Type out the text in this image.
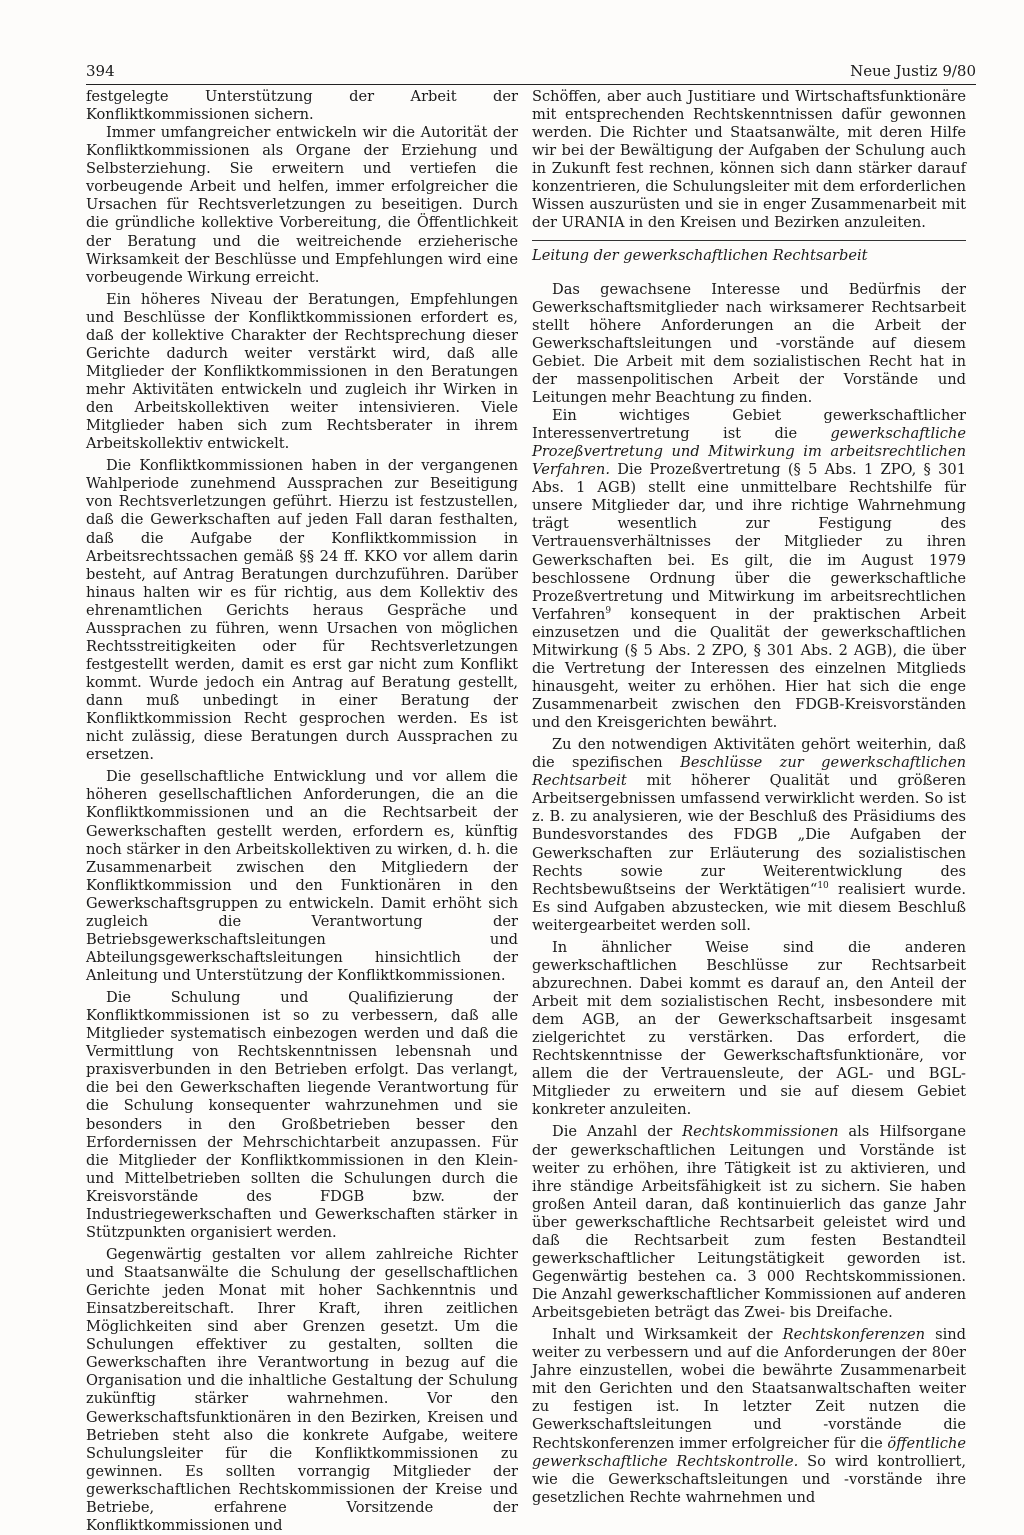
394	Neue Justiz 9/80

festgelegte Unterstützung der Arbeit der Konfliktkommissionen sichern.

Immer umfangreicher entwickeln wir die Autorität der Konfliktkommissionen als Organe der Erziehung und Selbsterziehung. Sie erweitern und vertiefen die vorbeugende Arbeit und helfen, immer erfolgreicher die Ursachen für Rechtsverletzungen zu beseitigen. Durch die gründliche kollektive Vorbereitung, die Öffentlichkeit der Beratung und die weitreichende erzieherische Wirksamkeit der Beschlüsse und Empfehlungen wird eine vorbeugende Wirkung erreicht.

Ein höheres Niveau der Beratungen, Empfehlungen und Beschlüsse der Konfliktkommissionen erfordert es, daß der kollektive Charakter der Rechtsprechung dieser Gerichte dadurch weiter verstärkt wird, daß alle Mitglieder der Konfliktkommissionen in den Beratungen mehr Aktivitäten entwickeln und zugleich ihr Wirken in den Arbeitskollektiven weiter intensivieren. Viele Mitglieder haben sich zum Rechtsberater in ihrem Arbeitskollektiv entwickelt.

Die Konfliktkommissionen haben in der vergangenen Wahlperiode zunehmend Aussprachen zur Beseitigung von Rechtsverletzungen geführt. Hierzu ist festzustellen, daß die Gewerkschaften auf jeden Fall daran festhalten, daß die Aufgabe der Konfliktkommission in Arbeitsrechtssachen gemäß §§ 24 ff. KKO vor allem darin besteht, auf Antrag Beratungen durchzuführen. Darüber hinaus halten wir es für richtig, aus dem Kollektiv des ehrenamtlichen Gerichts heraus Gespräche und Aussprachen zu führen, wenn Ursachen von möglichen Rechtsstreitigkeiten oder für Rechtsverletzungen festgestellt werden, damit es erst gar nicht zum Konflikt kommt. Wurde jedoch ein Antrag auf Beratung gestellt, dann muß unbedingt in einer Beratung der Konfliktkommission Recht gesprochen werden. Es ist nicht zulässig, diese Beratungen durch Aussprachen zu ersetzen.

Die gesellschaftliche Entwicklung und vor allem die höheren gesellschaftlichen Anforderungen, die an die Konfliktkommissionen und an die Rechtsarbeit der Gewerkschaften gestellt werden, erfordern es, künftig noch stärker in den Arbeitskollektiven zu wirken, d. h. die Zusammenarbeit zwischen den Mitgliedern der Konfliktkommission und den Funktionären in den Gewerkschaftsgruppen zu entwickeln. Damit erhöht sich zugleich die Verantwortung der Betriebsgewerkschaftsleitungen und Abteilungsgewerkschaftsleitungen hinsichtlich der Anleitung und Unterstützung der Konfliktkommissionen.

Die Schulung und Qualifizierung der Konfliktkommissionen ist so zu verbessern, daß alle Mitglieder systematisch einbezogen werden und daß die Vermittlung von Rechtskenntnissen lebensnah und praxisverbunden in den Betrieben erfolgt. Das verlangt, die bei den Gewerkschaften liegende Verantwortung für die Schulung konsequenter wahrzunehmen und sie besonders in den Großbetrieben besser den Erfordernissen der Mehrschichtarbeit anzupassen. Für die Mitglieder der Konfliktkommissionen in den Klein- und Mittelbetrieben sollten die Schulungen durch die Kreisvorstände des FDGB bzw. der Industriegewerkschaften und Gewerkschaften stärker in Stützpunkten organisiert werden.

Gegenwärtig gestalten vor allem zahlreiche Richter und Staatsanwälte die Schulung der gesellschaftlichen Gerichte jeden Monat mit hoher Sachkenntnis und Einsatzbereitschaft. Ihrer Kraft, ihren zeitlichen Möglichkeiten sind aber Grenzen gesetzt. Um die Schulungen effektiver zu gestalten, sollten die Gewerkschaften ihre Verantwortung in bezug auf die Organisation und die inhaltliche Gestaltung der Schulung zukünftig stärker wahrnehmen. Vor den Gewerkschaftsfunktionären in den Bezirken, Kreisen und Betrieben steht also die konkrete Aufgabe, weitere Schulungsleiter für die Konfliktkommissionen zu gewinnen. Es sollten vorrangig Mitglieder der gewerkschaftlichen Rechtskommissionen der Kreise und Betriebe, erfahrene Vorsitzende der Konfliktkommissionen und

Schöffen, aber auch Justitiare und Wirtschaftsfunktionäre mit entsprechenden Rechtskenntnissen dafür gewonnen werden. Die Richter und Staatsanwälte, mit deren Hilfe wir bei der Bewältigung der Aufgaben der Schulung auch in Zukunft fest rechnen, können sich dann stärker darauf konzentrieren, die Schulungsleiter mit dem erforderlichen Wissen auszurüsten und sie in enger Zusammenarbeit mit der URANIA in den Kreisen und Bezirken anzuleiten.

Leitung der gewerkschaftlichen Rechtsarbeit

Das gewachsene Interesse und Bedürfnis der Gewerkschaftsmitglieder nach wirksamerer Rechtsarbeit stellt höhere Anforderungen an die Arbeit der Gewerkschaftsleitungen und -vorstände auf diesem Gebiet. Die Arbeit mit dem sozialistischen Recht hat in der massenpolitischen Arbeit der Vorstände und Leitungen mehr Beachtung zu finden.

Ein wichtiges Gebiet gewerkschaftlicher Interessenvertretung ist die gewerkschaftliche Prozeßvertretung und Mitwirkung im arbeitsrechtlichen Verfahren. Die Prozeßvertretung (§ 5 Abs. 1 ZPO, § 301 Abs. 1 AGB) stellt eine unmittelbare Rechtshilfe für unsere Mitglieder dar, und ihre richtige Wahrnehmung trägt wesentlich zur Festigung des Vertrauensverhältnisses der Mitglieder zu ihren Gewerkschaften bei. Es gilt, die im August 1979 beschlossene Ordnung über die gewerkschaftliche Prozeßvertretung und Mitwirkung im arbeitsrechtlichen Verfahren$^9$ konsequent in der praktischen Arbeit einzusetzen und die Qualität der gewerkschaftlichen Mitwirkung (§ 5 Abs. 2 ZPO, § 301 Abs. 2 AGB), die über die Vertretung der Interessen des einzelnen Mitglieds hinausgeht, weiter zu erhöhen. Hier hat sich die enge Zusammenarbeit zwischen den FDGB-Kreisvorständen und den Kreisgerichten bewährt.

Zu den notwendigen Aktivitäten gehört weiterhin, daß die spezifischen Beschlüsse zur gewerkschaftlichen Rechtsarbeit mit höherer Qualität und größeren Arbeitsergebnissen umfassend verwirklicht werden. So ist z. B. zu analysieren, wie der Beschluß des Präsidiums des Bundesvorstandes des FDGB „Die Aufgaben der Gewerkschaften zur Erläuterung des sozialistischen Rechts sowie zur Weiterentwicklung des Rechtsbewußtseins der Werktätigen“$^{10}$ realisiert wurde. Es sind Aufgaben abzustecken, wie mit diesem Beschluß weitergearbeitet werden soll.

In ähnlicher Weise sind die anderen gewerkschaftlichen Beschlüsse zur Rechtsarbeit abzurechnen. Dabei kommt es darauf an, den Anteil der Arbeit mit dem sozialistischen Recht, insbesondere mit dem AGB, an der Gewerkschaftsarbeit insgesamt zielgerichtet zu verstärken. Das erfordert, die Rechtskenntnisse der Gewerkschaftsfunktionäre, vor allem die der Vertrauensleute, der AGL- und BGL-Mitglieder zu erweitern und sie auf diesem Gebiet konkreter anzuleiten.

Die Anzahl der Rechtskommissionen als Hilfsorgane der gewerkschaftlichen Leitungen und Vorstände ist weiter zu erhöhen, ihre Tätigkeit ist zu aktivieren, und ihre ständige Arbeitsfähigkeit ist zu sichern. Sie haben großen Anteil daran, daß kontinuierlich das ganze Jahr über gewerkschaftliche Rechtsarbeit geleistet wird und daß die Rechtsarbeit zum festen Bestandteil gewerkschaftlicher Leitungstätigkeit geworden ist. Gegenwärtig bestehen ca. 3 000 Rechtskommissionen. Die Anzahl gewerkschaftlicher Kommissionen auf anderen Arbeitsgebieten beträgt das Zwei- bis Dreifache.

Inhalt und Wirksamkeit der Rechtskonferenzen sind weiter zu verbessern und auf die Anforderungen der 80er Jahre einzustellen, wobei die bewährte Zusammenarbeit mit den Gerichten und den Staatsanwaltschaften weiter zu festigen ist. In letzter Zeit nutzen die Gewerkschaftsleitungen und -vorstände die Rechtskonferenzen immer erfolgreicher für die öffentliche gewerkschaftliche Rechtskontrolle. So wird kontrolliert, wie die Gewerkschaftsleitungen und -vorstände ihre gesetzlichen Rechte wahrnehmen und
